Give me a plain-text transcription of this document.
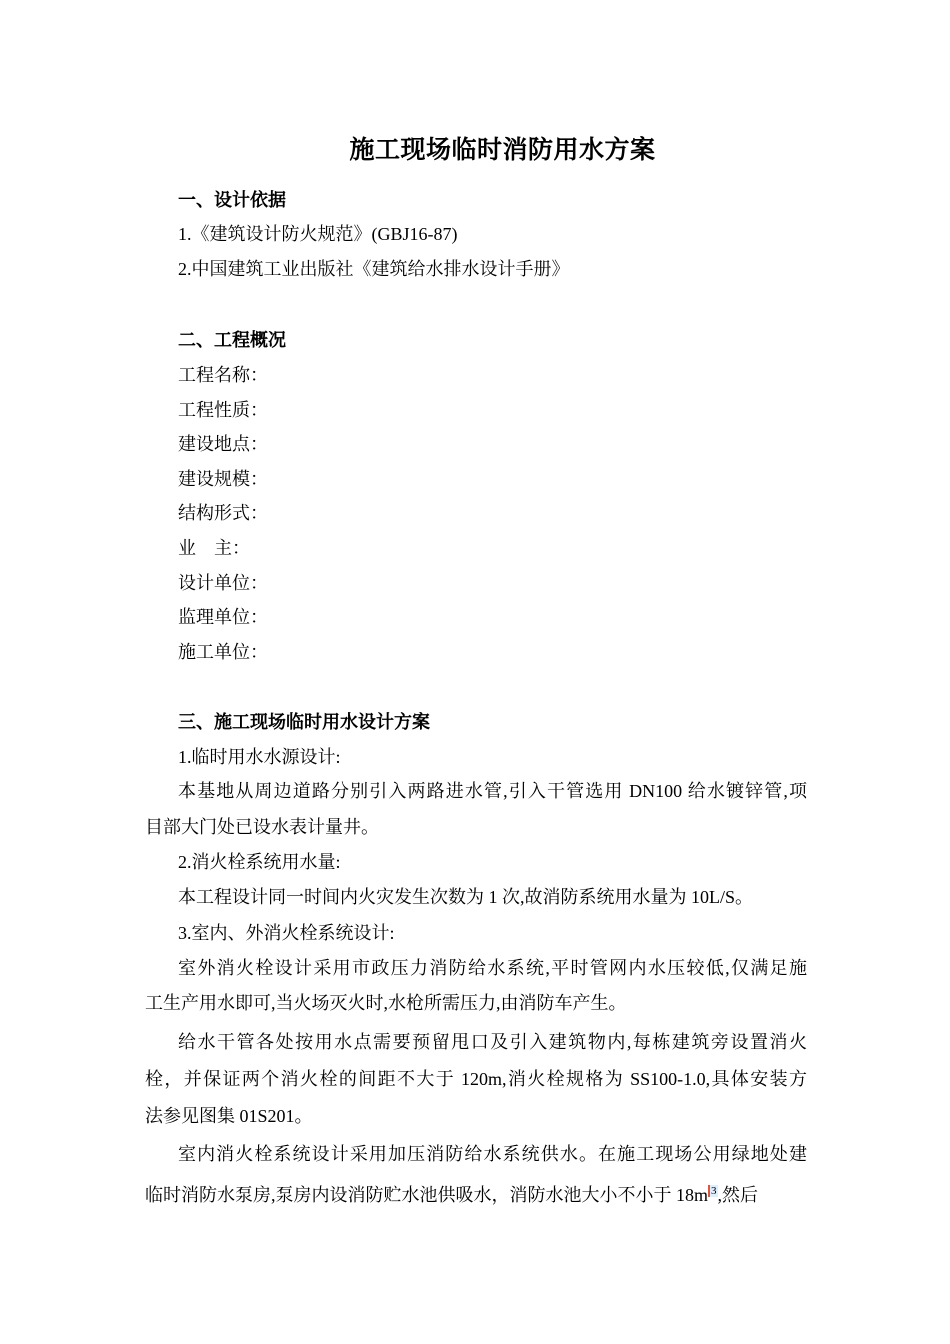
施工现场临时消防用水方案
一、设计依据
1.《建筑设计防火规范》(GBJ16-87)
2.中国建筑工业出版社《建筑给水排水设计手册》
二、工程概况
工程名称：
工程性质：
建设地点：
建设规模：
结构形式：
业　主：
设计单位：
监理单位：
施工单位：
三、施工现场临时用水设计方案
1.临时用水水源设计:
本基地从周边道路分别引入两路进水管,引入干管选用 DN100 给水镀锌管,项
目部大门处已设水表计量井。
2.消火栓系统用水量:
本工程设计同一时间内火灾发生次数为 1 次,故消防系统用水量为 10L/S。
3.室内、外消火栓系统设计:
室外消火栓设计采用市政压力消防给水系统,平时管网内水压较低,仅满足施
工生产用水即可,当火场灭火时,水枪所需压力,由消防车产生。
给水干管各处按用水点需要预留甩口及引入建筑物内,每栋建筑旁设置消火
栓，并保证两个消火栓的间距不大于 120m,消火栓规格为 SS100-1.0,具体安装方
法参见图集 01S201。
室内消火栓系统设计采用加压消防给水系统供水。在施工现场公用绿地处建
临时消防水泵房,泵房内设消防贮水池供吸水，消防水池大小不小于 18m $^3$,然后
